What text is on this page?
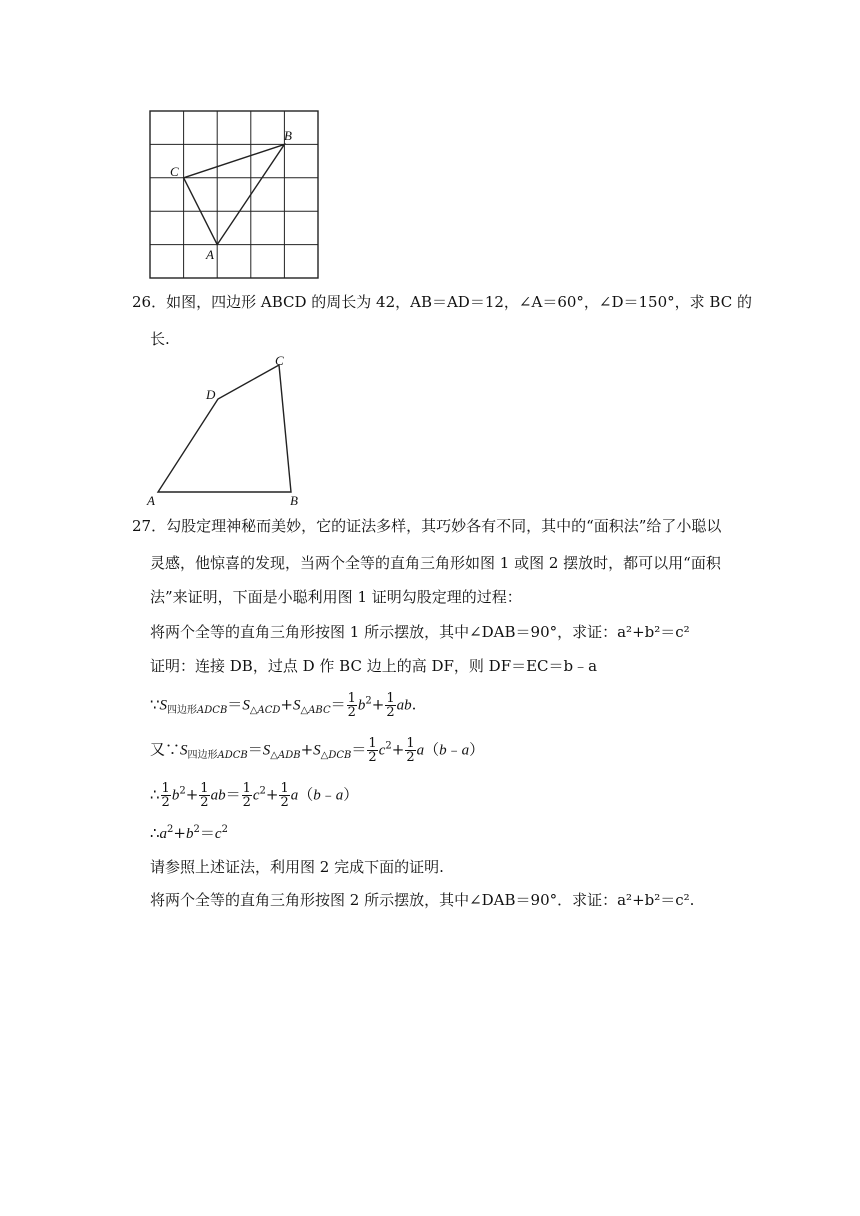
C
B
A
26．如图，四边形 ABCD 的周长为 42，AB＝AD＝12，∠A＝60°，∠D＝150°，求 BC 的
长.
A	B
C
D
27．勾股定理神秘而美妙，它的证法多样，其巧妙各有不同，其中的“面积法”给了小聪以
灵感，他惊喜的发现，当两个全等的直角三角形如图 1 或图 2 摆放时，都可以用“面积
法”来证明，下面是小聪利用图 1 证明勾股定理的过程：
将两个全等的直角三角形按图 1 所示摆放，其中∠DAB＝90°，求证：a²+b²＝c²
证明：连接 DB，过点 D 作 BC 边上的高 DF，则 DF＝EC＝b﹣a
$\because S_{四边形ADCB}=S_{\triangle ACD}+S_{\triangle ABC}= \frac{1}{2} b^2+ \frac{1}{2}$ ab.
又$\because S_{四边形ADCB}=S_{\triangle ADB}+S_{\triangle DCB}= \frac{1}{2} c^2+ \frac{1}{2}$ a（b﹣a）
∴ $\frac{1}{2} b^2+ \frac{1}{2} ab= \frac{1}{2} c^2+ \frac{1}{2}$ a（b﹣a）
$\therefore a^2+b^2=c^2$
请参照上述证法，利用图 2 完成下面的证明.
将两个全等的直角三角形按图 2 所示摆放，其中∠DAB＝90°．求证：a²+b²＝c².
